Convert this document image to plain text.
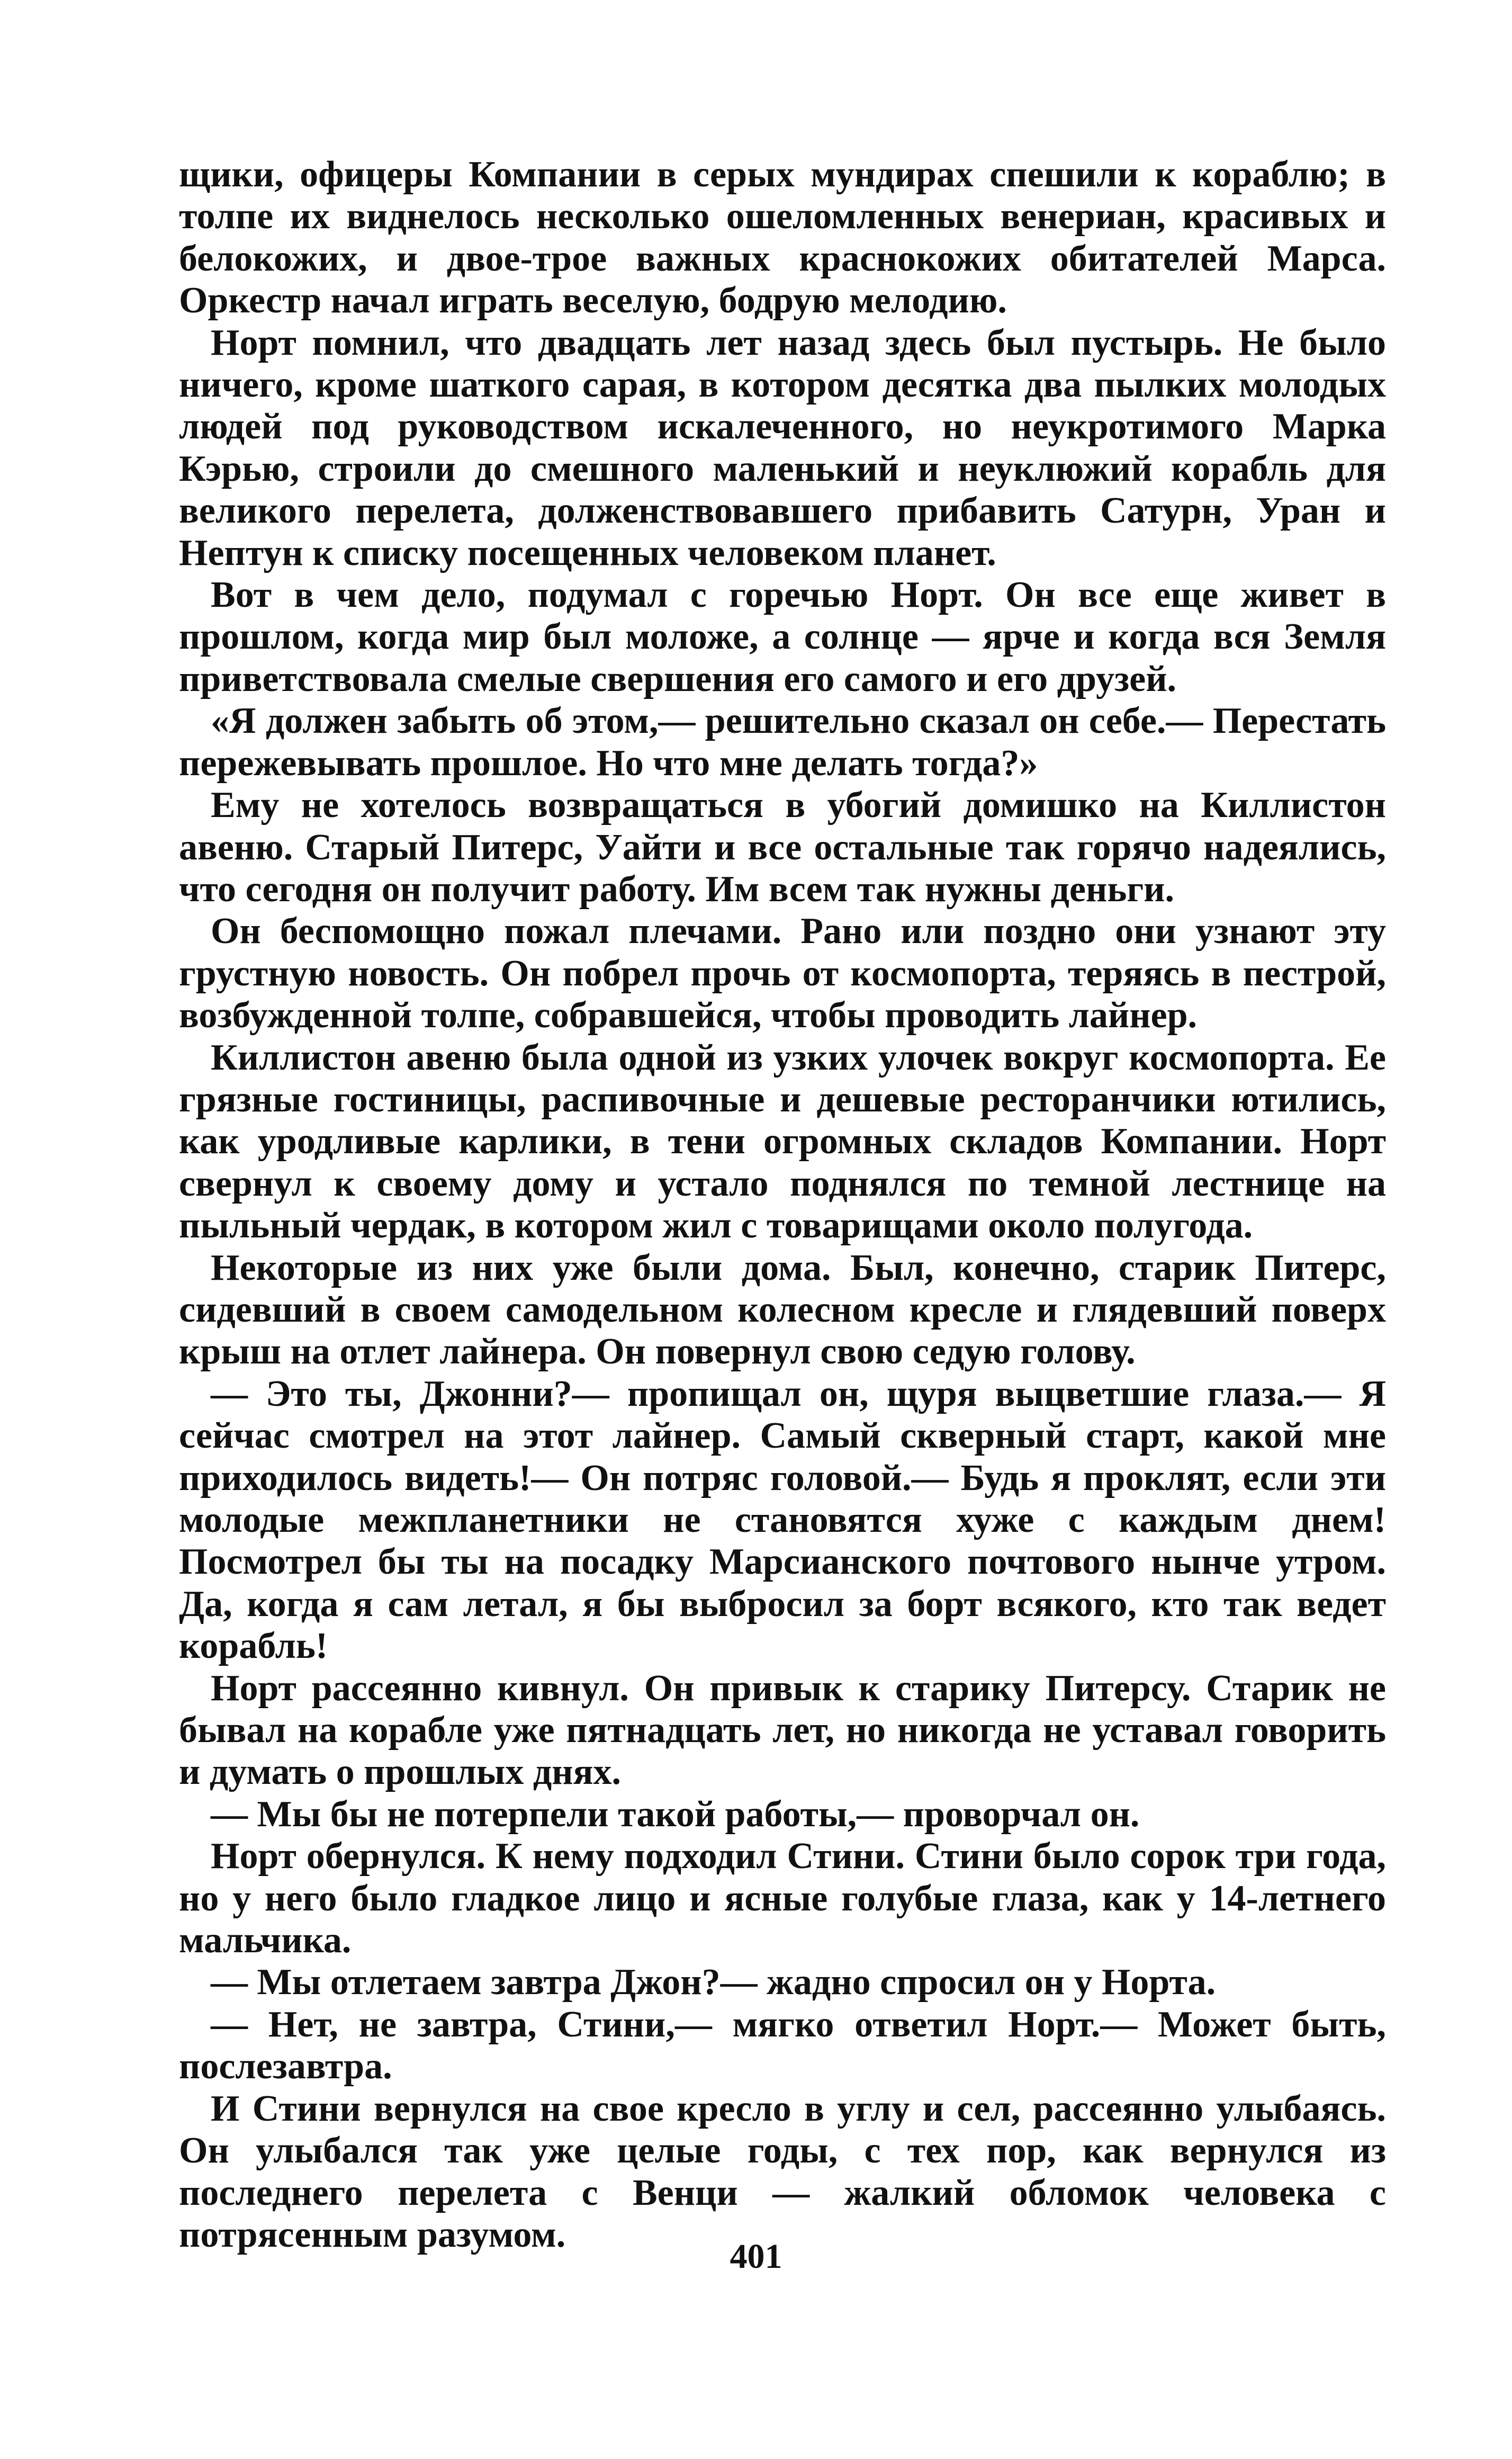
щики, офицеры Компании в серых мундирах спешили к кораблю; в толпе их виднелось несколько ошеломленных венериан, красивых и белокожих, и двое-трое важных краснокожих обитателей Марса. Оркестр начал играть веселую, бодрую мелодию.

Норт помнил, что двадцать лет назад здесь был пустырь. Не было ничего, кроме шаткого сарая, в котором десятка два пылких молодых людей под руководством искалеченного, но неукротимого Марка Кэрью, строили до смешного маленький и неуклюжий корабль для великого перелета, долженствовавшего прибавить Сатурн, Уран и Нептун к списку посещенных человеком планет.

Вот в чем дело, подумал с горечью Норт. Он все еще живет в прошлом, когда мир был моложе, а солнце — ярче и когда вся Земля приветствовала смелые свершения его самого и его друзей.

«Я должен забыть об этом,— решительно сказал он себе.— Перестать пережевывать прошлое. Но что мне делать тогда?»

Ему не хотелось возвращаться в убогий домишко на Киллистон авеню. Старый Питерс, Уайти и все остальные так горячо надеялись, что сегодня он получит работу. Им всем так нужны деньги.

Он беспомощно пожал плечами. Рано или поздно они узнают эту грустную новость. Он побрел прочь от космопорта, теряясь в пестрой, возбужденной толпе, собравшейся, чтобы проводить лайнер.

Киллистон авеню была одной из узких улочек вокруг космопорта. Ее грязные гостиницы, распивочные и дешевые ресторанчики ютились, как уродливые карлики, в тени огромных складов Компании. Норт свернул к своему дому и устало поднялся по темной лестнице на пыльный чердак, в котором жил с товарищами около полугода.

Некоторые из них уже были дома. Был, конечно, старик Питерс, сидевший в своем самодельном колесном кресле и глядевший поверх крыш на отлет лайнера. Он повернул свою седую голову.

— Это ты, Джонни?— пропищал он, щуря выцветшие глаза.— Я сейчас смотрел на этот лайнер. Самый скверный старт, какой мне приходилось видеть!— Он потряс головой.— Будь я проклят, если эти молодые межпланетники не становятся хуже с каждым днем! Посмотрел бы ты на посадку Марсианского почтового нынче утром. Да, когда я сам летал, я бы выбросил за борт всякого, кто так ведет корабль!

Норт рассеянно кивнул. Он привык к старику Питерсу. Старик не бывал на корабле уже пятнадцать лет, но никогда не уставал говорить и думать о прошлых днях.

— Мы бы не потерпели такой работы,— проворчал он.

Норт обернулся. К нему подходил Стини. Стини было сорок три года, но у него было гладкое лицо и ясные голубые глаза, как у 14-летнего мальчика.

— Мы отлетаем завтра Джон?— жадно спросил он у Норта.

— Нет, не завтра, Стини,— мягко ответил Норт.— Может быть, послезавтра.

И Стини вернулся на свое кресло в углу и сел, рассеянно улыбаясь. Он улыбался так уже целые годы, с тех пор, как вернулся из последнего перелета с Венци — жалкий обломок человека с потрясенным разумом.

401
